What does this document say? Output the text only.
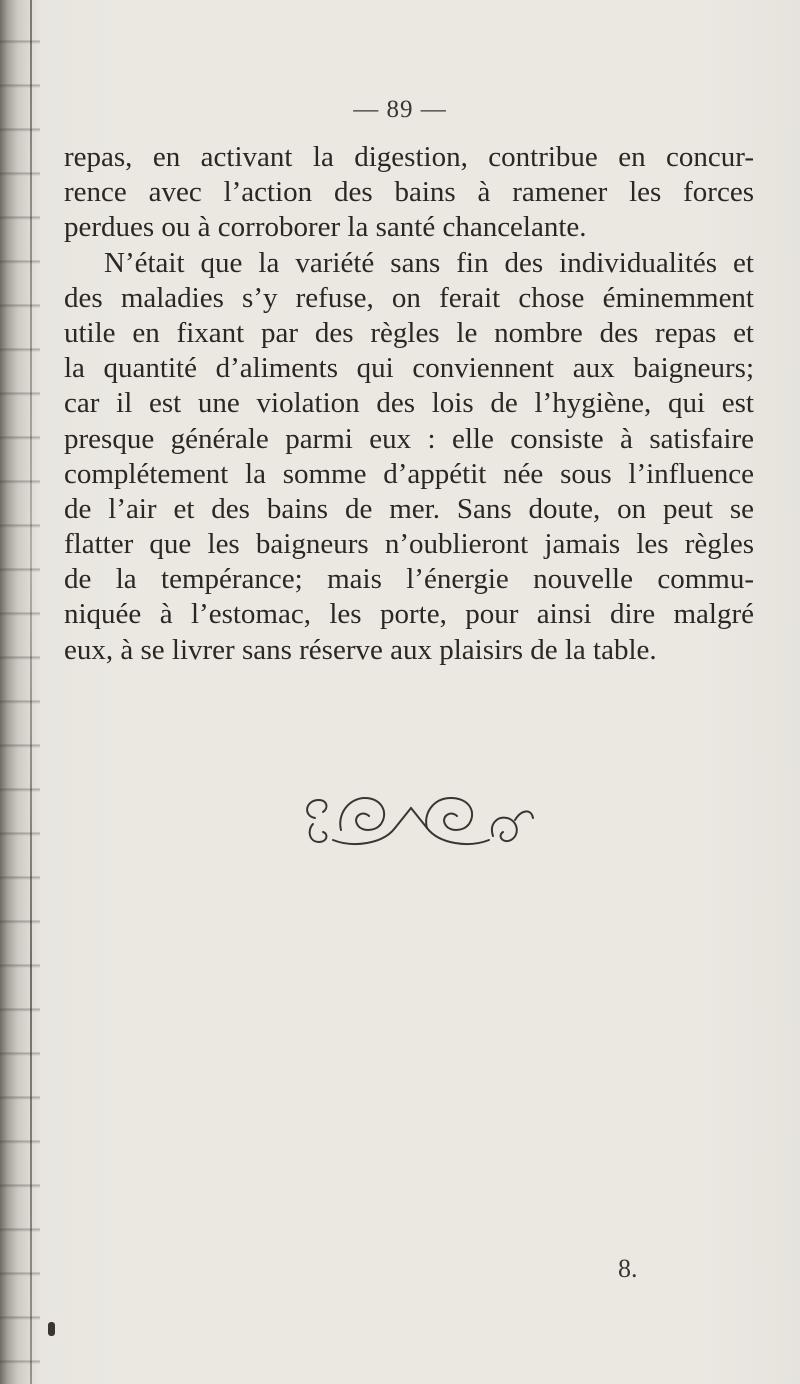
— 89 —
repas, en activant la digestion, contribue en concur-
rence avec l’action des bains à ramener les forces
perdues ou à corroborer la santé chancelante.
N’était que la variété sans fin des individualités et
des maladies s’y refuse, on ferait chose éminemment
utile en fixant par des règles le nombre des repas et
la quantité d’aliments qui conviennent aux baigneurs;
car il est une violation des lois de l’hygiène, qui est
presque générale parmi eux : elle consiste à satisfaire
complétement la somme d’appétit née sous l’influence
de l’air et des bains de mer. Sans doute, on peut se
flatter que les baigneurs n’oublieront jamais les règles
de la tempérance; mais l’énergie nouvelle commu-
niquée à l’estomac, les porte, pour ainsi dire malgré
eux, à se livrer sans réserve aux plaisirs de la table.
8.
